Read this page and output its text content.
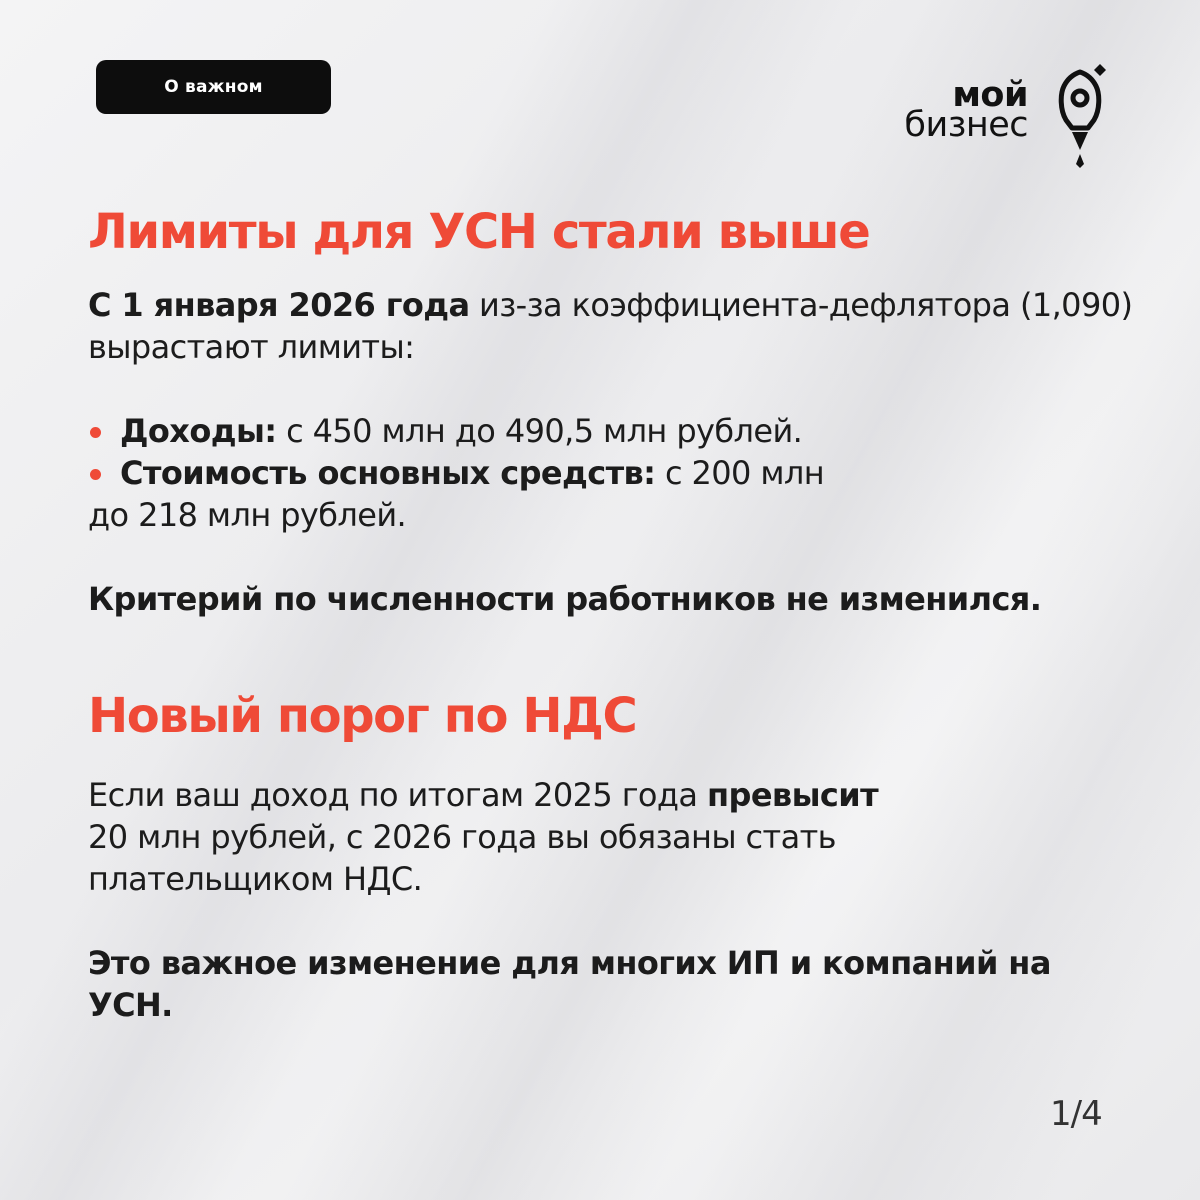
О важном	мой
бизнес
Лимиты для УСН стали выше

С 1 января 2026 года из-за коэффициента-дефлятора (1,090) вырастают лимиты:

Доходы: с 450 млн до 490,5 млн рублей.

Стоимость основных средств: с 200 млн

до 218 млн рублей.

Критерий по численности работников не изменился.

Новый порог по НДС

Если ваш доход по итогам 2025 года превысит
20 млн рублей, с 2026 года вы обязаны стать плательщиком НДС.

Это важное изменение для многих ИП и компаний на УСН.

1/4
